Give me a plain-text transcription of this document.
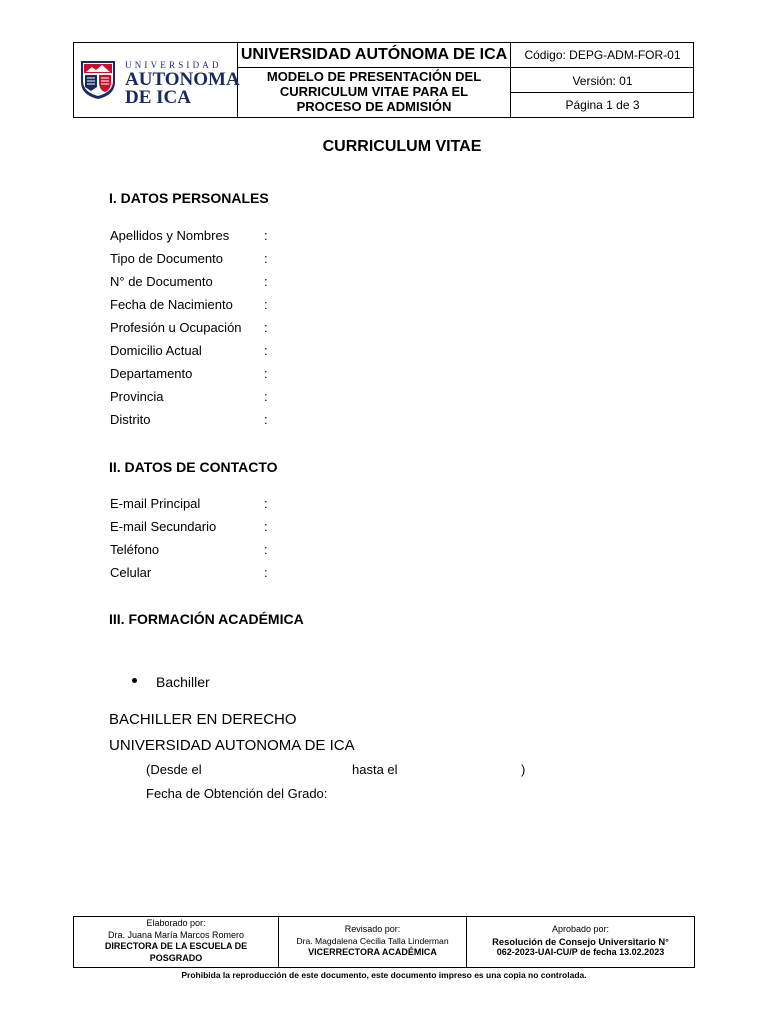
UNIVERSIDAD
AUTONOMA
DE ICA
UNIVERSIDAD AUTÓNOMA DE ICA
MODELO DE PRESENTACIÓN DEL
CURRICULUM VITAE PARA EL
PROCESO DE ADMISIÓN
Código: DEPG-ADM-FOR-01
Versión: 01
Página 1 de 3
CURRICULUM VITAE
I. DATOS PERSONALES
Apellidos y Nombres	:
Tipo de Documento	:
N° de Documento	:
Fecha de Nacimiento :
Profesión u Ocupación :
Domicilio Actual	:
Departamento	:
Provincia	:
Distrito	:
II. DATOS DE CONTACTO
E-mail Principal	:
E-mail Secundario	:
Teléfono	:
Celular	:
III. FORMACIÓN ACADÉMICA
Bachiller
BACHILLER EN DERECHO
UNIVERSIDAD AUTONOMA DE ICA
(Desde el	hasta el	)
Fecha de Obtención del Grado:
Elaborado por:
Dra. Juana María Marcos Romero
DIRECTORA DE LA ESCUELA DE
POSGRADO
Revisado por:
Dra. Magdalena Cecilia Talla Linderman
VICERRECTORA ACADÉMICA
Aprobado por:
Resolución de Consejo Universitario N°
062-2023-UAI-CU/P de fecha 13.02.2023
Prohibida la reproducción de este documento, este documento impreso es una copia no controlada.
